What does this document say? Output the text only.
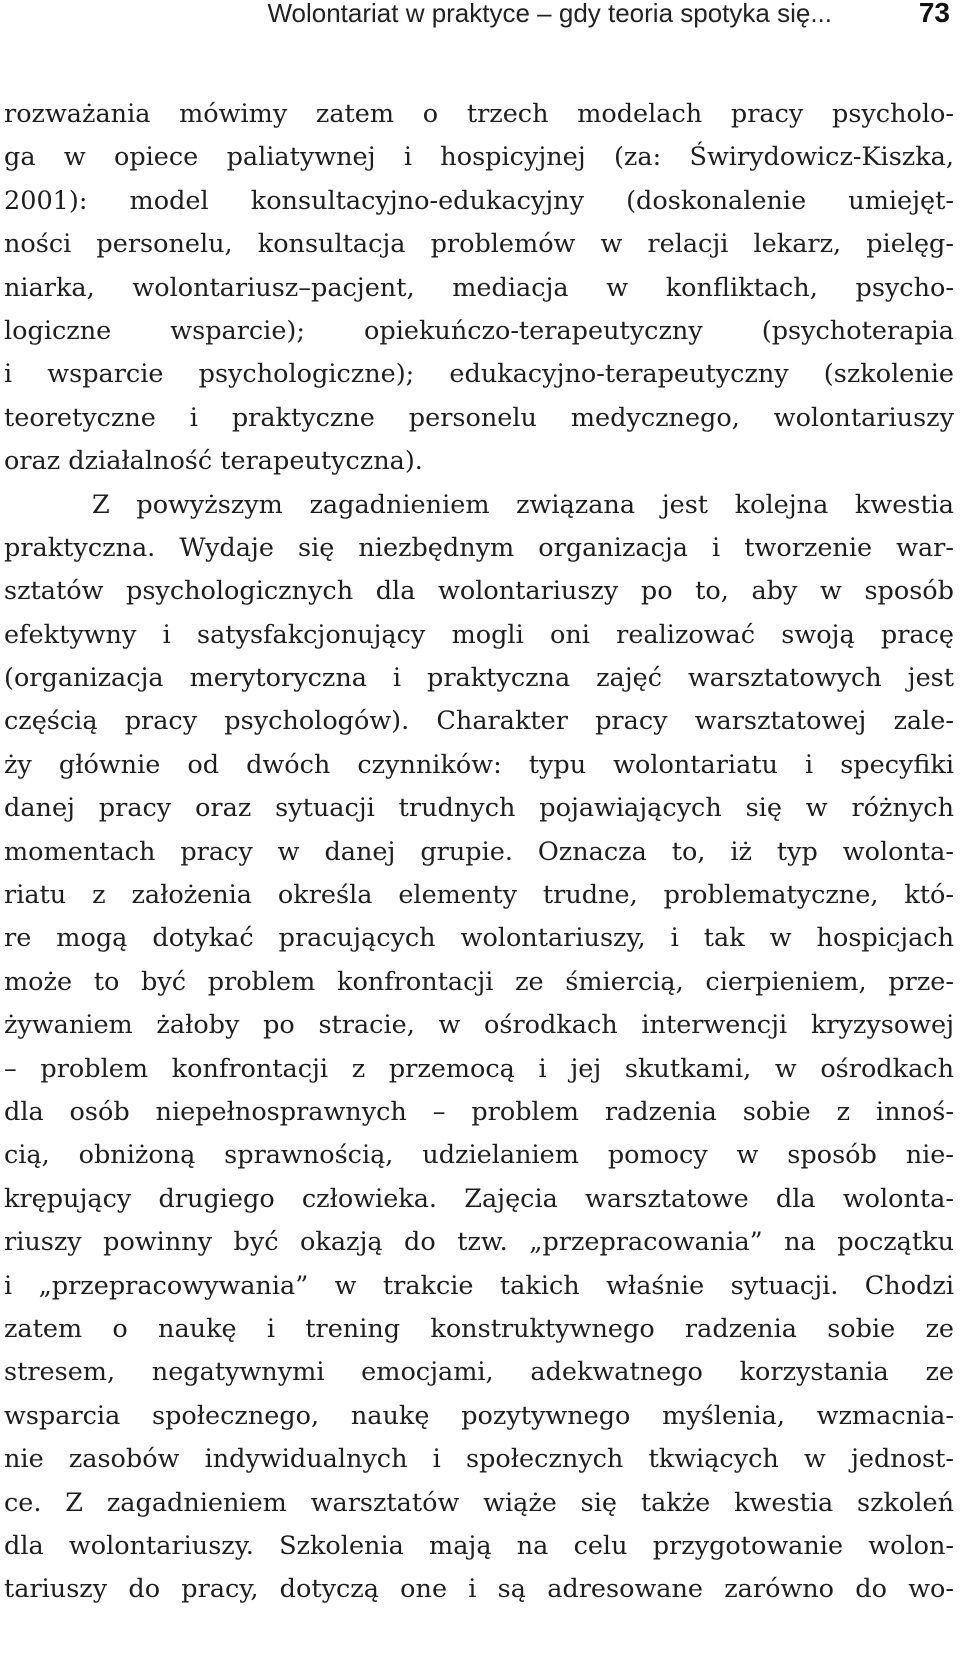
Wolontariat w praktyce – gdy teoria spotyka się...	73
rozważania mówimy zatem o trzech modelach pracy psycholo-
ga w opiece paliatywnej i hospicyjnej (za: Świrydowicz-Kiszka,
2001): model konsultacyjno-edukacyjny (doskonalenie umiejęt-
ności personelu, konsultacja problemów w relacji lekarz, pielęg-
niarka, wolontariusz–pacjent, mediacja w konfliktach, psycho-
logiczne wsparcie); opiekuńczo-terapeutyczny (psychoterapia
i wsparcie psychologiczne); edukacyjno-terapeutyczny (szkolenie
teoretyczne i praktyczne personelu medycznego, wolontariuszy
oraz działalność terapeutyczna).
Z powyższym zagadnieniem związana jest kolejna kwestia
praktyczna. Wydaje się niezbędnym organizacja i tworzenie war-
sztatów psychologicznych dla wolontariuszy po to, aby w sposób
efektywny i satysfakcjonujący mogli oni realizować swoją pracę
(organizacja merytoryczna i praktyczna zajęć warsztatowych jest
częścią pracy psychologów). Charakter pracy warsztatowej zale-
ży głównie od dwóch czynników: typu wolontariatu i specyfiki
danej pracy oraz sytuacji trudnych pojawiających się w różnych
momentach pracy w danej grupie. Oznacza to, iż typ wolonta-
riatu z założenia określa elementy trudne, problematyczne, któ-
re mogą dotykać pracujących wolontariuszy, i tak w hospicjach
może to być problem konfrontacji ze śmiercią, cierpieniem, prze-
żywaniem żałoby po stracie, w ośrodkach interwencji kryzysowej
– problem konfrontacji z przemocą i jej skutkami, w ośrodkach
dla osób niepełnosprawnych – problem radzenia sobie z innoś-
cią, obniżoną sprawnością, udzielaniem pomocy w sposób nie-
krępujący drugiego człowieka. Zajęcia warsztatowe dla wolonta-
riuszy powinny być okazją do tzw. „przepracowania” na początku
i „przepracowywania” w trakcie takich właśnie sytuacji. Chodzi
zatem o naukę i trening konstruktywnego radzenia sobie ze
stresem, negatywnymi emocjami, adekwatnego korzystania ze
wsparcia społecznego, naukę pozytywnego myślenia, wzmacnia-
nie zasobów indywidualnych i społecznych tkwiących w jednost-
ce. Z zagadnieniem warsztatów wiąże się także kwestia szkoleń
dla wolontariuszy. Szkolenia mają na celu przygotowanie wolon-
tariuszy do pracy, dotyczą one i są adresowane zarówno do wo-
